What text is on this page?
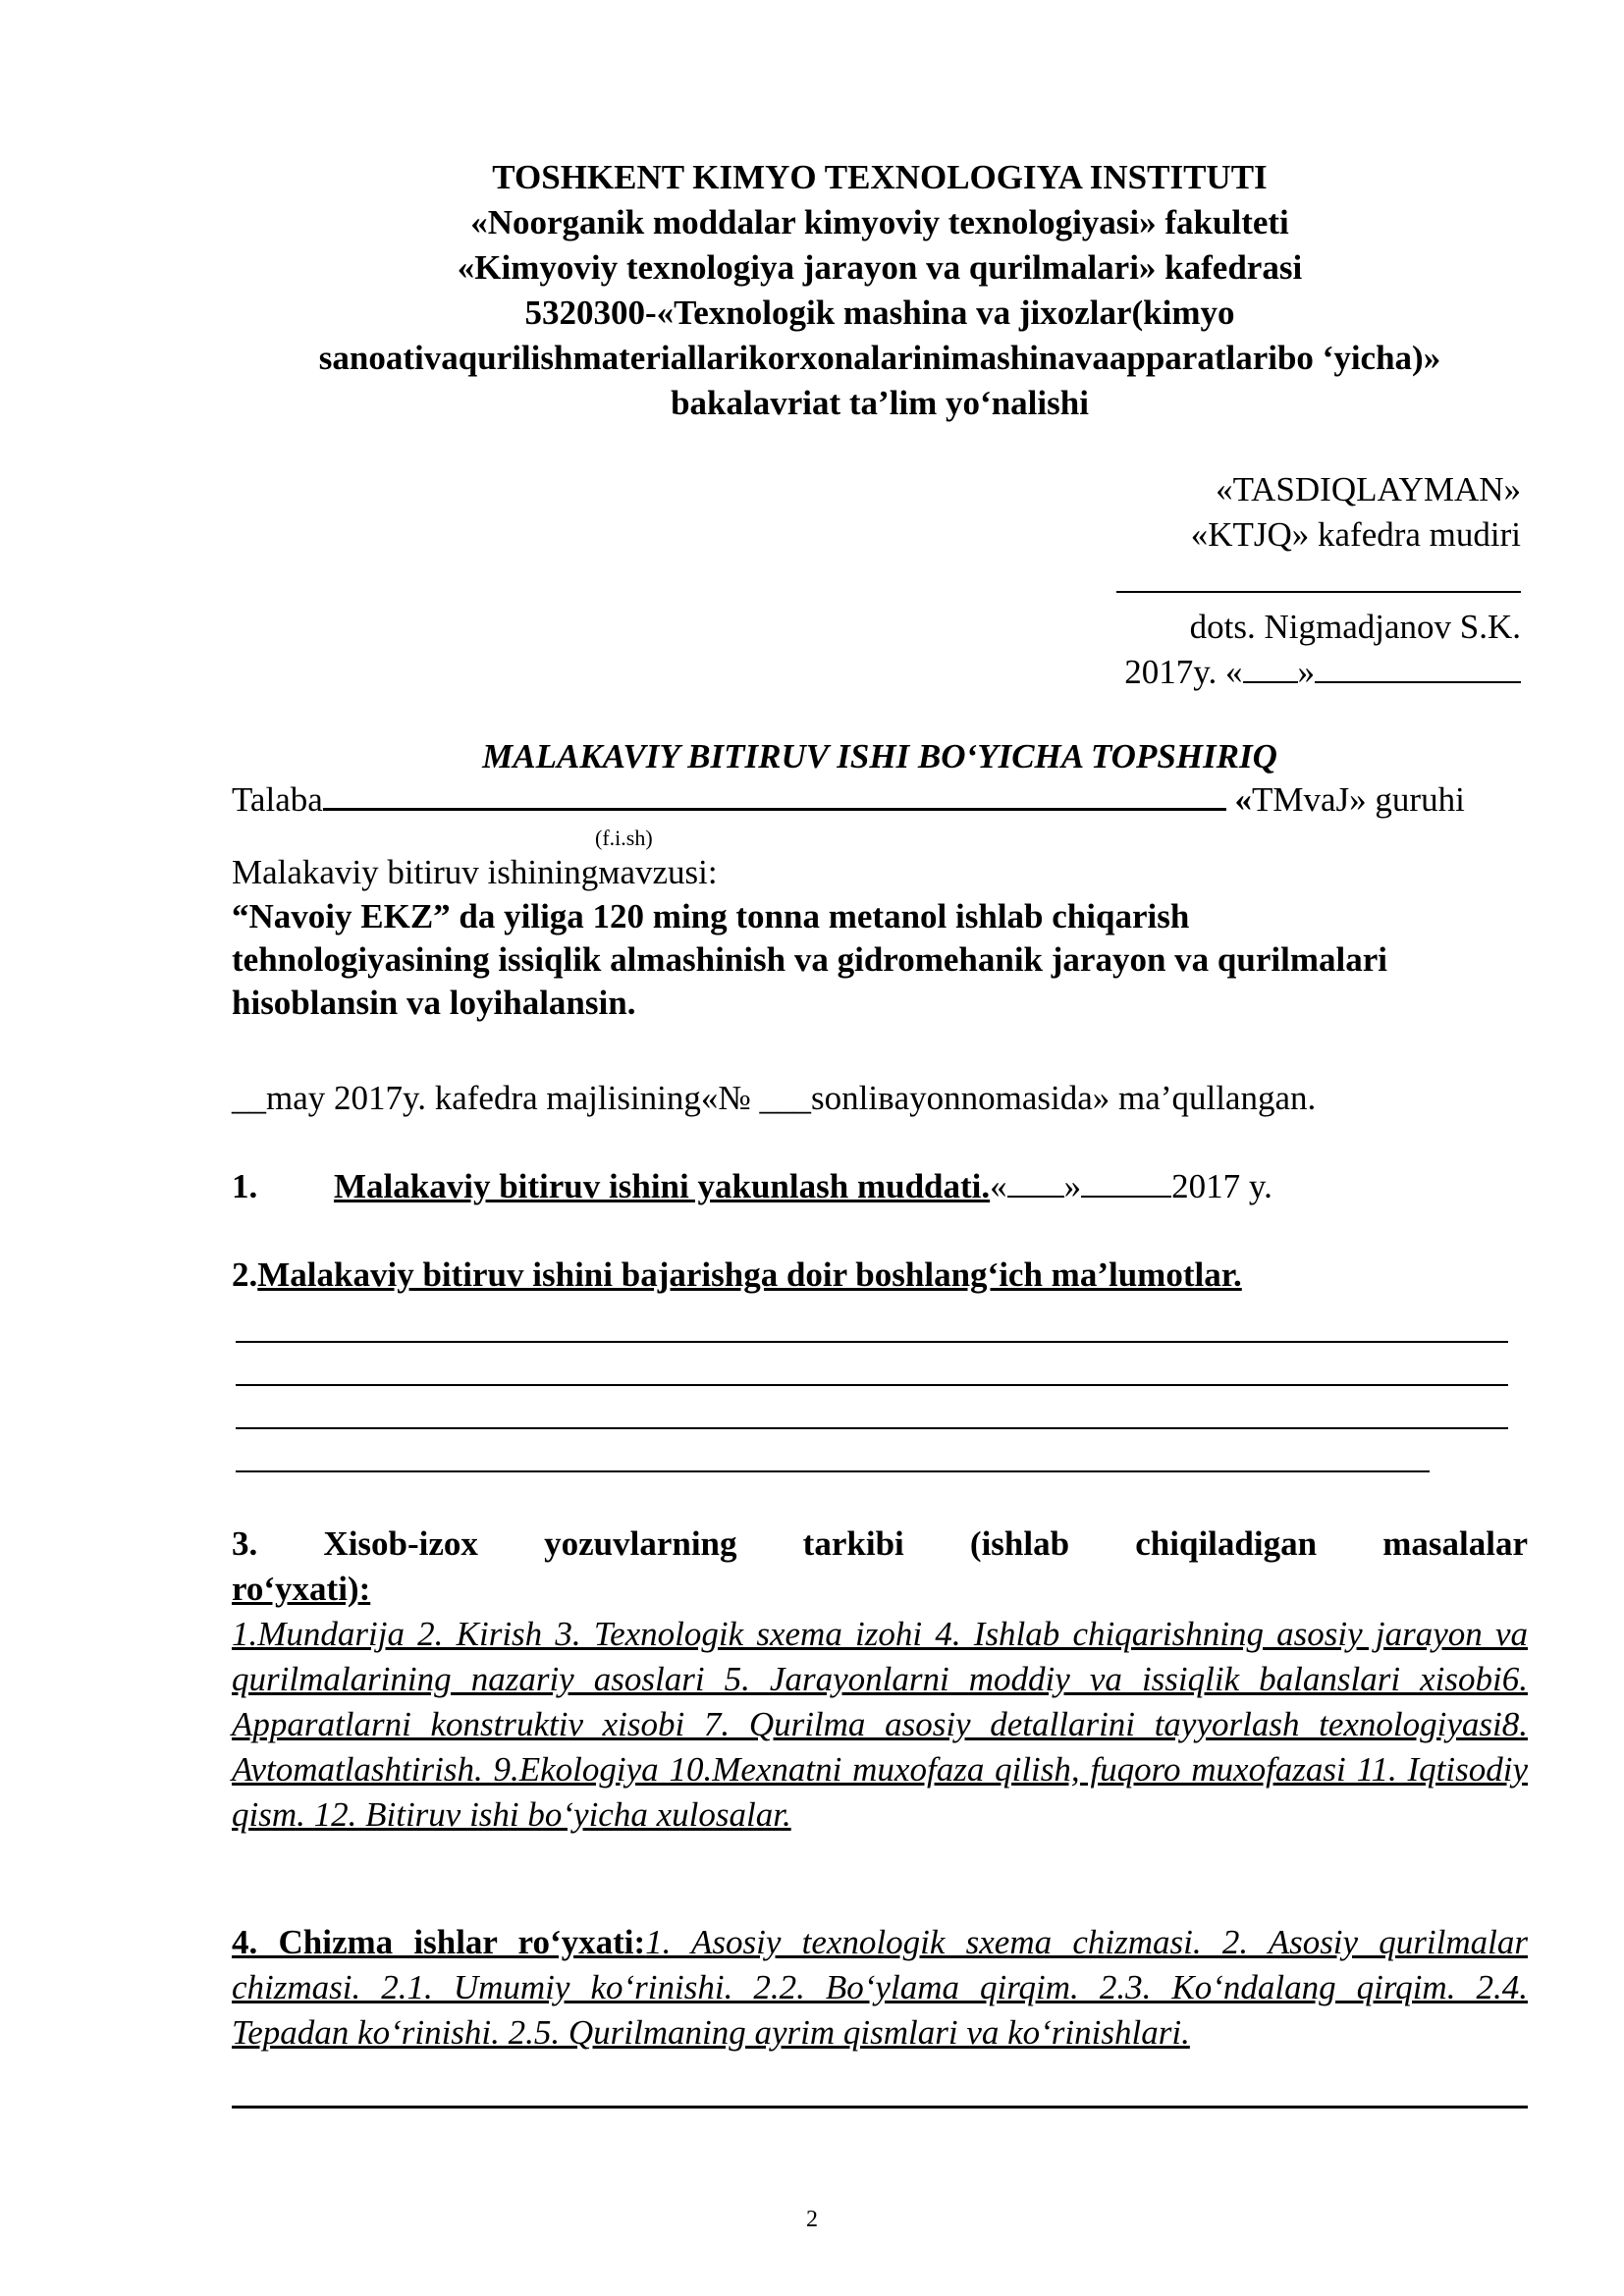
TOSHKENT KIMYO TEXNOLOGIYA INSTITUTI
«Noorganik moddalar kimyoviy texnologiyasi» fakulteti
«Kimyoviy texnologiya jarayon va qurilmalari» kafedrasi
5320300-«Texnologik mashina va jixozlar(kimyo
sanoativaqurilishmateriallarikorxonalarinimashinavaapparatlaribo ‘yicha)»
bakalavriat ta’lim yo‘nalishi
«TASDIQLAYMAN»
«KTJQ» kafedra mudiri
dots. Nigmadjanov S.K.
2017y. « »
MALAKAVIY BITIRUV ISHI BO‘YICHA TOPSHIRIQ
Talaba	«TMvaJ» guruhi
(f.i.sh)
Malakaviy bitiruv ishiningмavzusi:
“Navoiy EKZ” da yiliga 120 ming tonna metanol ishlab chiqarish tehnologiyasining issiqlik almashinish va gidromehanik jarayon va qurilmalari hisoblansin va loyihalansin.
__may 2017y. kafedra majlisining«№ ___sonliвayonnomasida» ma’qullangan.
1. Malakaviy bitiruv ishini yakunlash muddati.« »	2017 y.
2.Malakaviy bitiruv ishini bajarishga doir boshlang‘ich ma’lumotlar.
3. Xisob-izox yozuvlarning tarkibi (ishlab chiqiladigan masalalar
ro‘yxati):
1.Mundarija 2. Kirish 3. Texnologik sxema izohi 4. Ishlab chiqarishning asosiy jarayon va qurilmalarining nazariy asoslari 5. Jarayonlarni moddiy va issiqlik balanslari xisobi6. Apparatlarni konstruktiv xisobi 7. Qurilma asosiy detallarini tayyorlash texnologiyasi8. Avtomatlashtirish. 9.Ekologiya 10.Mexnatni muxofaza qilish, fuqoro muxofazasi 11. Iqtisodiy qism. 12. Bitiruv ishi bo‘yicha xulosalar.
4. Chizma ishlar ro‘yxati:1. Asosiy texnologik sxema chizmasi. 2. Asosiy qurilmalar chizmasi. 2.1. Umumiy ko‘rinishi. 2.2. Bo‘ylama qirqim. 2.3. Ko‘ndalang qirqim. 2.4. Tepadan ko‘rinishi. 2.5. Qurilmaning ayrim qismlari va ko‘rinishlari.
2
